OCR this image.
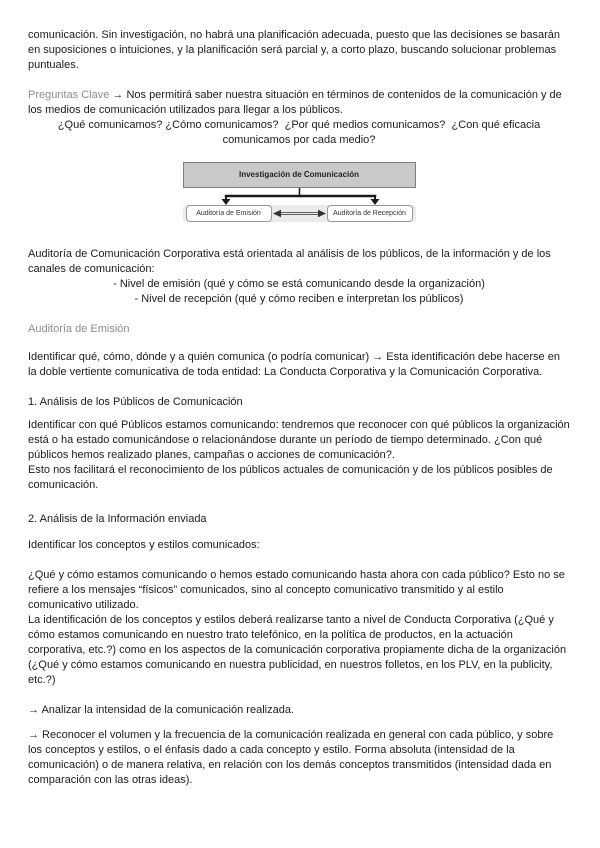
comunicación. Sin investigación, no habrá una planificación adecuada, puesto que las decisiones se basarán en suposiciones o intuiciones, y la planificación será parcial y, a corto plazo, buscando solucionar problemas puntuales.

Preguntas Clave → Nos permitirá saber nuestra situación en términos de contenidos de la comunicación y de los medios de comunicación utilizados para llegar a los públicos.

¿Qué comunicamos? ¿Cómo comunicamos?  ¿Por qué medios comunicamos?  ¿Con qué eficacia comunicamos por cada medio?

Investigación de Comunicación
Auditoría de Emisión	Auditoría de Recepción

Auditoría de Comunicación Corporativa está orientada al análisis de los públicos, de la información y de los canales de comunicación:

- Nivel de emisión (qué y cómo se está comunicando desde la organización)

- Nivel de recepción (qué y cómo reciben e interpretan los públicos)

Auditoría de Emisión

Identificar qué, cómo, dónde y a quién comunica (o podría comunicar) → Esta identificación debe hacerse en la doble vertiente comunicativa de toda entidad: La Conducta Corporativa y la Comunicación Corporativa.

1. Análisis de los Públicos de Comunicación

Identificar con qué Públicos estamos comunicando: tendremos que reconocer con qué públicos la organización está o ha estado comunicándose o relacionándose durante un período de tiempo determinado. ¿Con qué públicos hemos realizado planes, campañas o acciones de comunicación?.

Esto nos facilitará el reconocimiento de los públicos actuales de comunicación y de los públicos posibles de comunicación.

2. Análisis de la Información enviada

Identificar los conceptos y estilos comunicados:

¿Qué y cómo estamos comunicando o hemos estado comunicando hasta ahora con cada público? Esto no se refiere a los mensajes “físicos” comunicados, sino al concepto comunicativo transmitido y al estilo comunicativo utilizado.

La identificación de los conceptos y estilos deberá realizarse tanto a nivel de Conducta Corporativa (¿Qué y cómo estamos comunicando en nuestro trato telefónico, en la política de productos, en la actuación corporativa, etc.?) como en los aspectos de la comunicación corporativa propiamente dicha de la organización (¿Qué y cómo estamos comunicando en nuestra publicidad, en nuestros folletos, en los PLV, en la publicity, etc.?)

→ Analizar la intensidad de la comunicación realizada.

→ Reconocer el volumen y la frecuencia de la comunicación realizada en general con cada público, y sobre los conceptos y estilos, o el énfasis dado a cada concepto y estilo. Forma absoluta (intensidad de la comunicación) o de manera relativa, en relación con los demás conceptos transmitidos (intensidad dada en comparación con las otras ideas).
